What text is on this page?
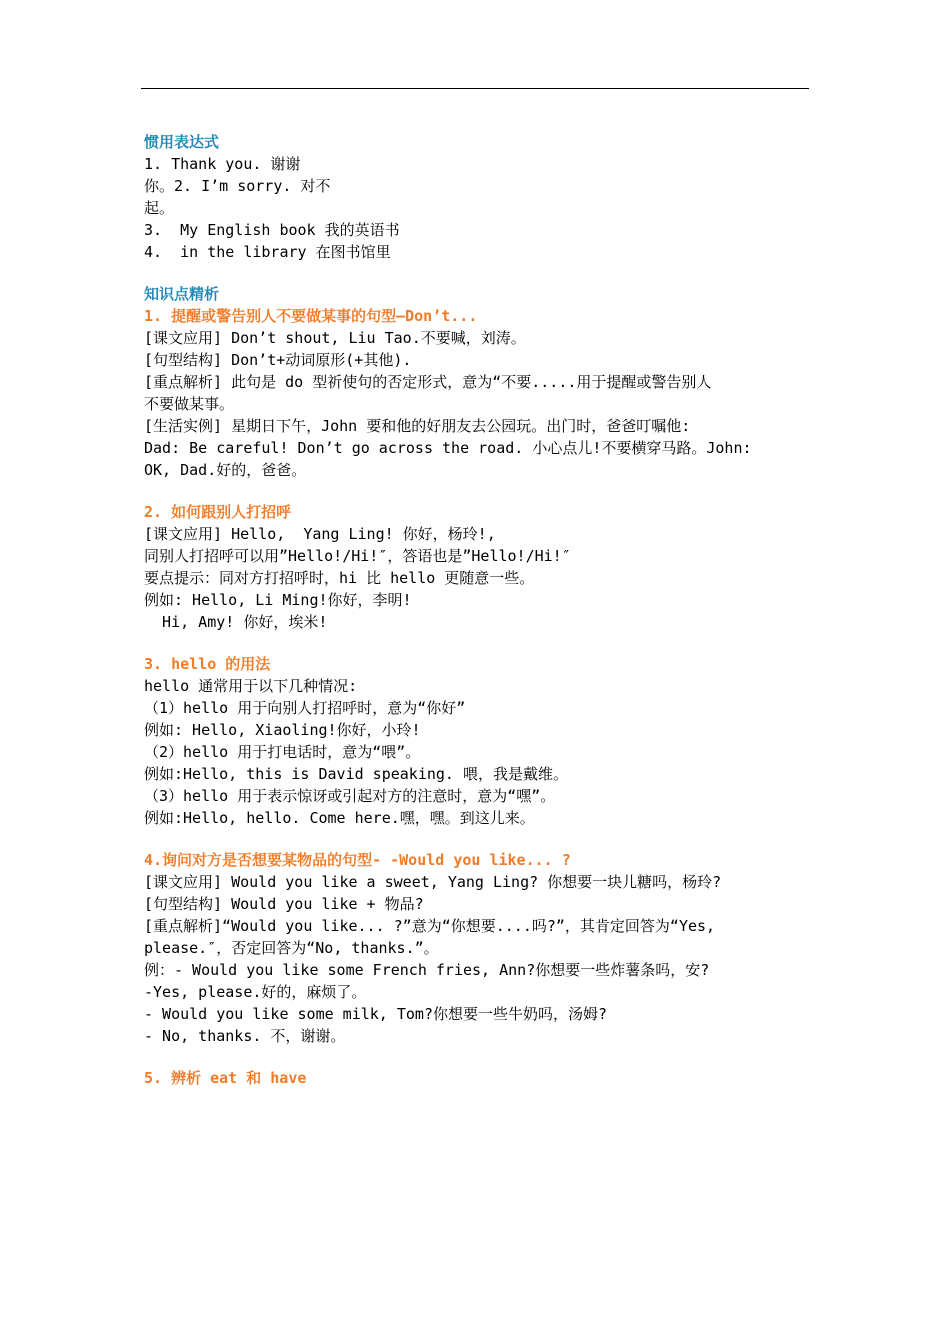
惯用表达式

1. Thank you. 谢谢

你。2. I’m sorry. 对不

起。

3.  My English book 我的英语书

4.  in the library 在图书馆里

知识点精析

1. 提醒或警告别人不要做某事的句型—Don’t...

[课文应用] Don’t shout, Liu Tao.不要喊，刘涛。

[句型结构] Don’t+动词原形(+其他).

[重点解析] 此句是 do 型祈使句的否定形式，意为“不要.....用于提醒或警告别人

不要做某事。

[生活实例] 星期日下午，John 要和他的好朋友去公园玩。出门时，爸爸叮嘱他:

Dad: Be careful! Don’t go across the road. 小心点儿!不要横穿马路。John:

OK, Dad.好的，爸爸。

2. 如何跟别人打招呼

[课文应用] Hello,  Yang Ling! 你好，杨玲!,

同别人打招呼可以用”Hello!/Hi!″，答语也是”Hello!/Hi!″

要点提示：同对方打招呼时，hi 比 hello 更随意一些。

例如: Hello, Li Ming!你好，李明!

Hi, Amy! 你好，埃米!

3. hello 的用法

hello 通常用于以下几种情况:

（1）hello 用于向别人打招呼时，意为“你好”

例如: Hello, Xiaoling!你好，小玲!

（2）hello 用于打电话时，意为“喂”。

例如:Hello, this is David speaking. 喂，我是戴维。

（3）hello 用于表示惊讶或引起对方的注意时，意为“嘿”。

例如:Hello, hello. Come here.嘿，嘿。到这儿来。

4.询问对方是否想要某物品的句型- -Would you like... ?

[课文应用] Would you like a sweet, Yang Ling? 你想要一块儿糖吗，杨玲?

[句型结构] Would you like + 物品?

[重点解析]“Would you like... ?”意为“你想要....吗?”，其肯定回答为“Yes,

please.″，否定回答为“No, thanks.”。

例：- Would you like some French fries, Ann?你想要一些炸薯条吗，安?

-Yes, please.好的，麻烦了。

- Would you like some milk, Tom?你想要一些牛奶吗，汤姆?

- No, thanks. 不，谢谢。

5. 辨析 eat 和 have
